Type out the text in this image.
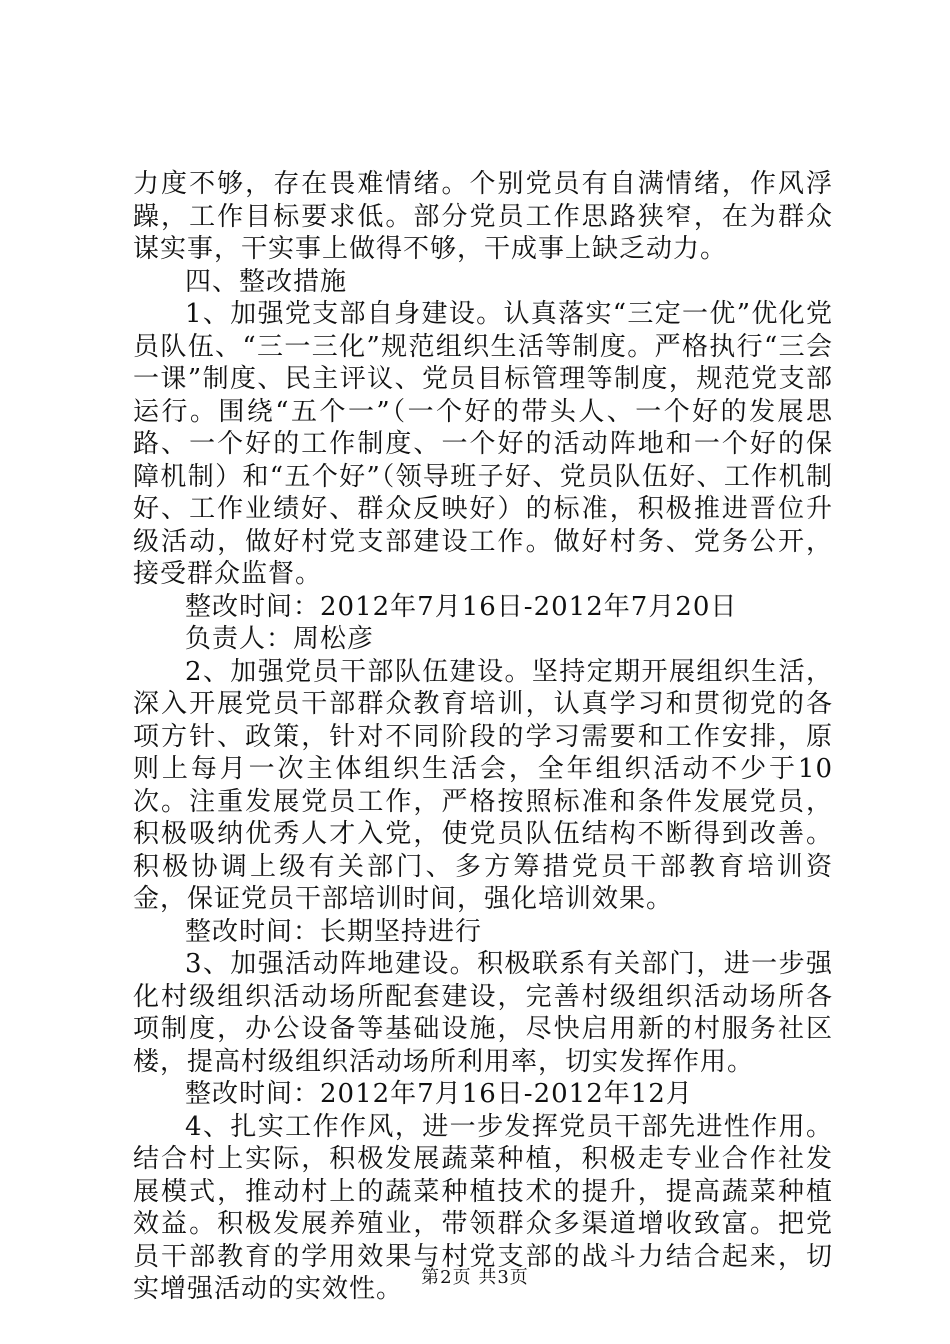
力度不够，存在畏难情绪。个别党员有自满情绪，作风浮躁，工作目标要求低。部分党员工作思路狭窄，在为群众谋实事，干实事上做得不够，干成事上缺乏动力。

四、整改措施

1、加强党支部自身建设。认真落实“三定一优”优化党员队伍、“三一三化”规范组织生活等制度。严格执行“三会一课”制度、民主评议、党员目标管理等制度，规范党支部运行。围绕“五个一”（一个好的带头人、一个好的发展思路、一个好的工作制度、一个好的活动阵地和一个好的保障机制）和“五个好”（领导班子好、党员队伍好、工作机制好、工作业绩好、群众反映好）的标准，积极推进晋位升级活动，做好村党支部建设工作。做好村务、党务公开，接受群众监督。

整改时间：2012年7月16日-2012年7月20日

负责人：周松彦

2、加强党员干部队伍建设。坚持定期开展组织生活，深入开展党员干部群众教育培训，认真学习和贯彻党的各项方针、政策，针对不同阶段的学习需要和工作安排，原则上每月一次主体组织生活会，全年组织活动不少于10次。注重发展党员工作，严格按照标准和条件发展党员，积极吸纳优秀人才入党，使党员队伍结构不断得到改善。积极协调上级有关部门、多方筹措党员干部教育培训资金，保证党员干部培训时间，强化培训效果。

整改时间：长期坚持进行

3、加强活动阵地建设。积极联系有关部门，进一步强化村级组织活动场所配套建设，完善村级组织活动场所各项制度，办公设备等基础设施，尽快启用新的村服务社区楼，提高村级组织活动场所利用率，切实发挥作用。

整改时间：2012年7月16日-2012年12月

4、扎实工作作风，进一步发挥党员干部先进性作用。结合村上实际，积极发展蔬菜种植，积极走专业合作社发展模式，推动村上的蔬菜种植技术的提升，提高蔬菜种植效益。积极发展养殖业，带领群众多渠道增收致富。把党员干部教育的学用效果与村党支部的战斗力结合起来，切实增强活动的实效性。	第2页 共3页
